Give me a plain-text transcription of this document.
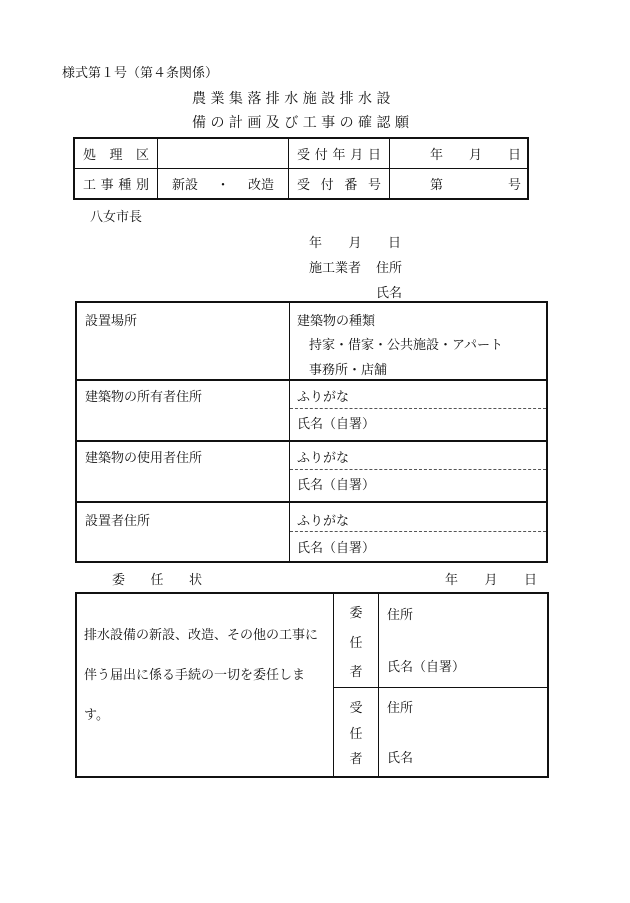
様式第１号（第４条関係）
農 業 集 落 排 水 施 設 排 水 設
備 の 計 画 及 び 工 事 の 確 認 願
処 理 区		受 付 年 月 日	年 月 日

工 事 種 別	新設 ・ 改造	受 付 番 号	第 号
八女市長
年 月 日
施工業者 住所
氏名
設置場所	建築物の種類
持家・借家・公共施設・アパート
事務所・店舗
建築物の所有者住所	ふりがな
氏名（自署）
建築物の使用者住所	ふりがな
氏名（自署）
設置者住所	ふりがな
氏名（自署）
委 任 状	年 月 日
排水設備の新設、改造、その他の工事に
伴う届出に係る手続の一切を委任しま
す。
委
任
者
住所
氏名（自署）
受
任
者
住所
氏名
